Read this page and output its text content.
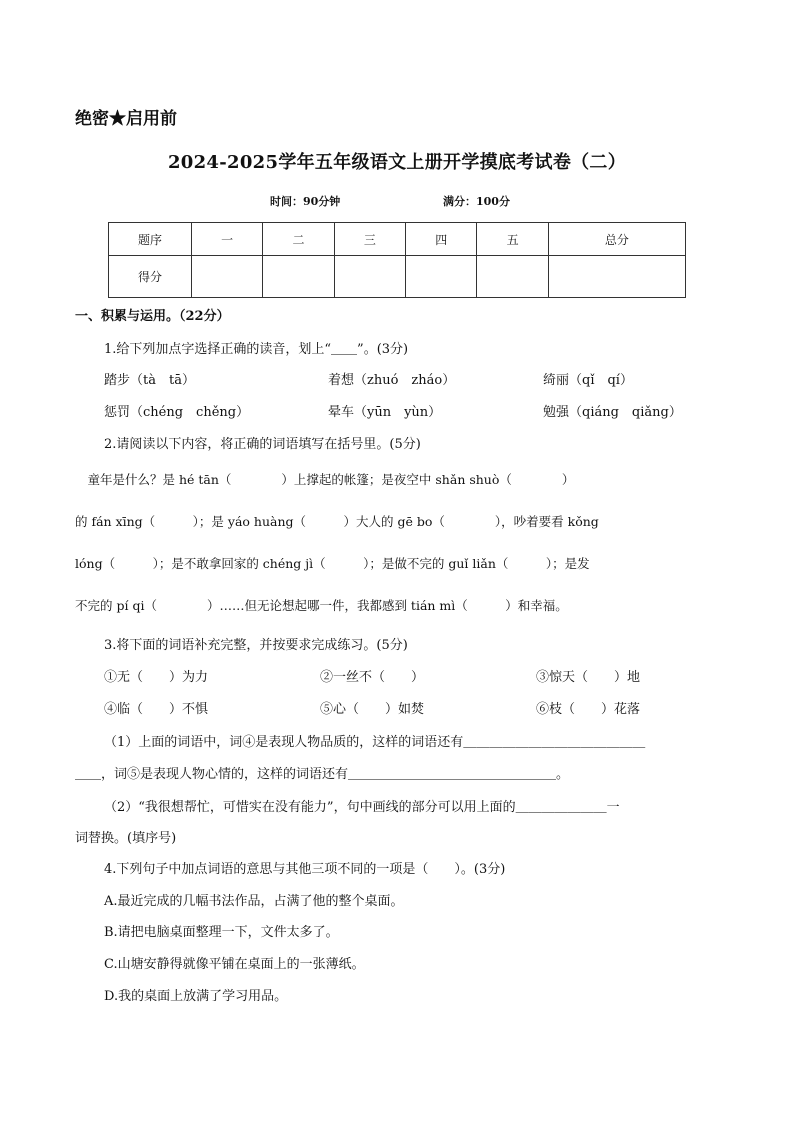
绝密★启用前
2024-2025学年五年级语文上册开学摸底考试卷（二）
时间：90分钟	满分：100分
题序	一	二	三	四	五	总分
得分						
一、积累与运用。（22分）
1.给下列加点字选择正确的读音，划上“＿＿”。(3分)
踏步（tà　tā）	着想（zhuó　zháo）	绮丽（qǐ　qí）
惩罚（chéng　chěng）	晕车（yūn　yùn）	勉强（qiáng　qiǎng）
2.请阅读以下内容，将正确的词语填写在括号里。(5分)
　童年是什么？是 hé tān（　　　　）上撑起的帐篷；是夜空中 shǎn shuò（　　　　）
的 fán xīng（　　　）；是 yáo huàng（　　　）大人的 gē bo（　　　　），吵着要看 kǒng
lóng（　　　）；是不敢拿回家的 chéng jì（　　　）；是做不完的 guǐ liǎn（　　　）；是发
不完的 pí qi（　　　　）……但无论想起哪一件，我都感到 tián mì（　　　）和幸福。
3.将下面的词语补充完整，并按要求完成练习。(5分)
①无（　　）为力	②一丝不（　　）	③惊天（　　）地
④临（　　）不惧	⑤心（　　）如焚	⑥枝（　　）花落
（1）上面的词语中，词④是表现人物品质的，这样的词语还有＿＿＿＿＿＿＿＿＿＿＿＿＿＿
＿＿，词⑤是表现人物心情的，这样的词语还有＿＿＿＿＿＿＿＿＿＿＿＿＿＿＿＿。
（2）“我很想帮忙，可惜实在没有能力”，句中画线的部分可以用上面的＿＿＿＿＿＿＿一
词替换。(填序号)
4.下列句子中加点词语的意思与其他三项不同的一项是（　　）。(3分)
A.最近完成的几幅书法作品，占满了他的整个桌面。
B.请把电脑桌面整理一下，文件太多了。
C.山塘安静得就像平铺在桌面上的一张薄纸。
D.我的桌面上放满了学习用品。
